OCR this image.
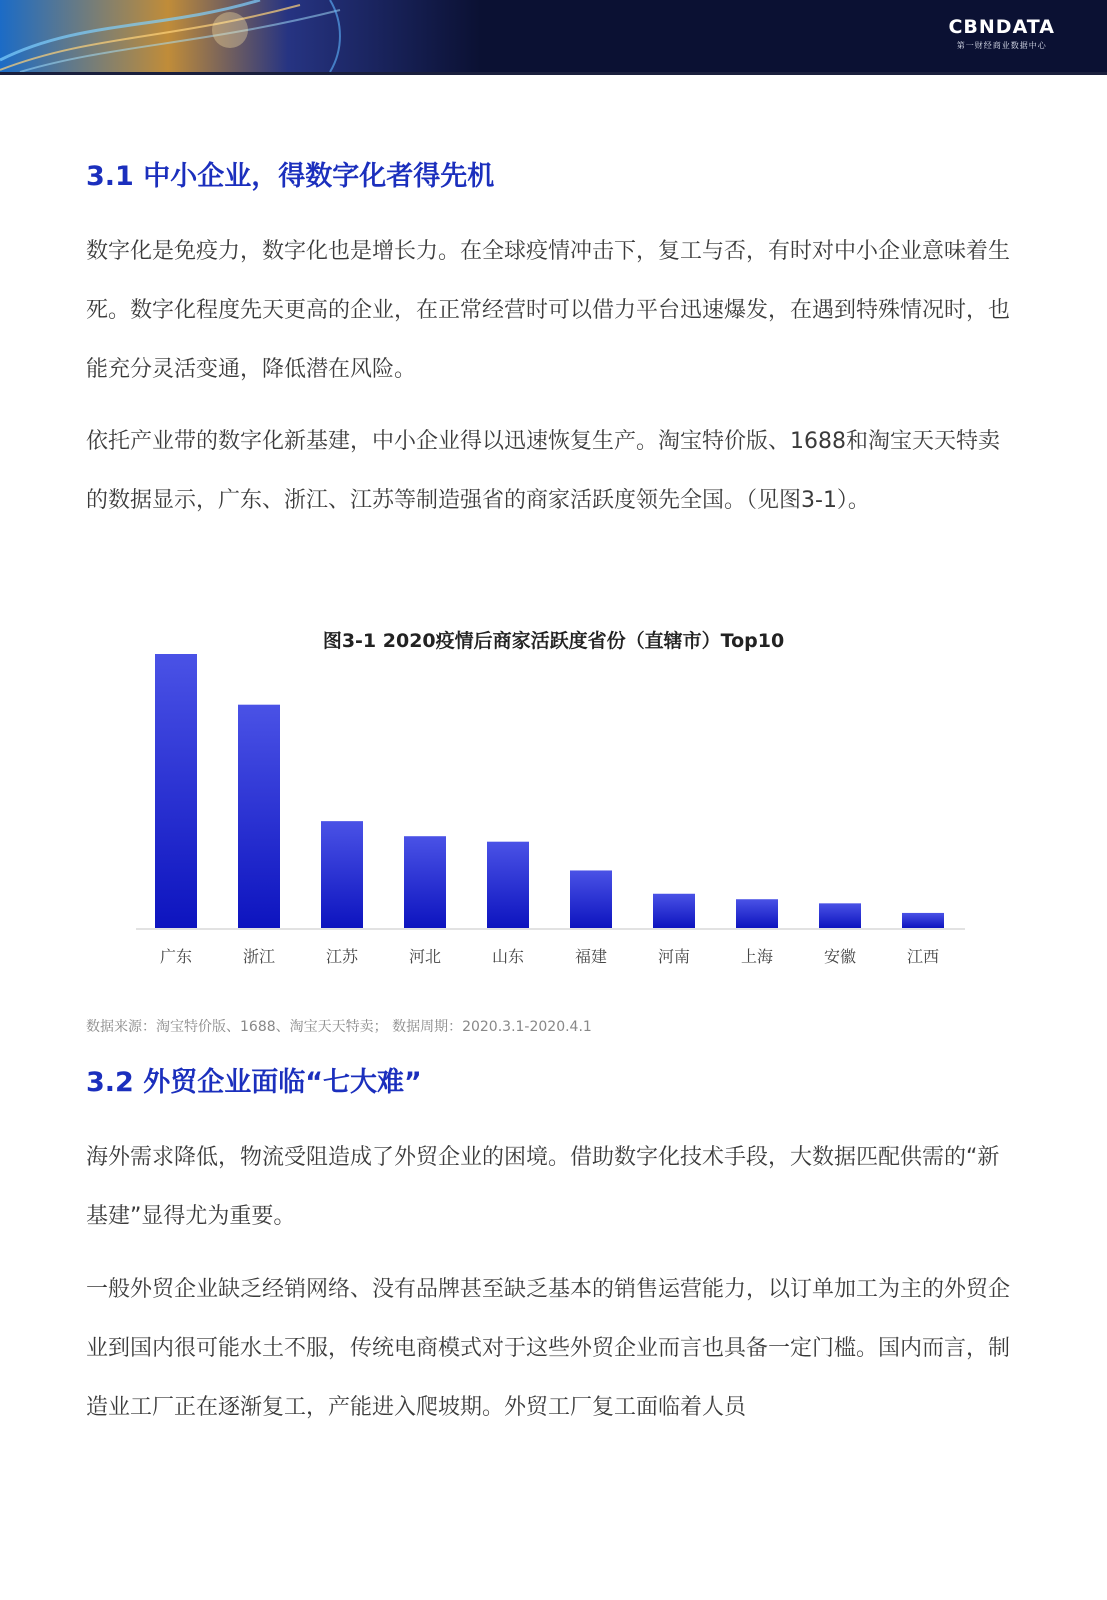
CBNDATA
第一财经商业数据中心
3.1 中小企业，得数字化者得先机

数字化是免疫力，数字化也是增长力。在全球疫情冲击下，复工与否，有时对中小企业意味着生死。数字化程度先天更高的企业，在正常经营时可以借力平台迅速爆发，在遇到特殊情况时，也能充分灵活变通，降低潜在风险。

依托产业带的数字化新基建，中小企业得以迅速恢复生产。淘宝特价版、1688和淘宝天天特卖的数据显示，广东、浙江、江苏等制造强省的商家活跃度领先全国。（见图3-1）。

图3-1 2020疫情后商家活跃度省份（直辖市）Top10
广东	浙江	江苏	河北	山东	福建	河南	上海	安徽	江西
数据来源：淘宝特价版、1688、淘宝天天特卖； 数据周期：2020.3.1-2020.4.1
3.2 外贸企业面临“七大难”

海外需求降低，物流受阻造成了外贸企业的困境。借助数字化技术手段，大数据匹配供需的“新基建”显得尤为重要。

一般外贸企业缺乏经销网络、没有品牌甚至缺乏基本的销售运营能力，以订单加工为主的外贸企业到国内很可能水土不服，传统电商模式对于这些外贸企业而言也具备一定门槛。国内而言，制造业工厂正在逐渐复工，产能进入爬坡期。外贸工厂复工面临着人员
